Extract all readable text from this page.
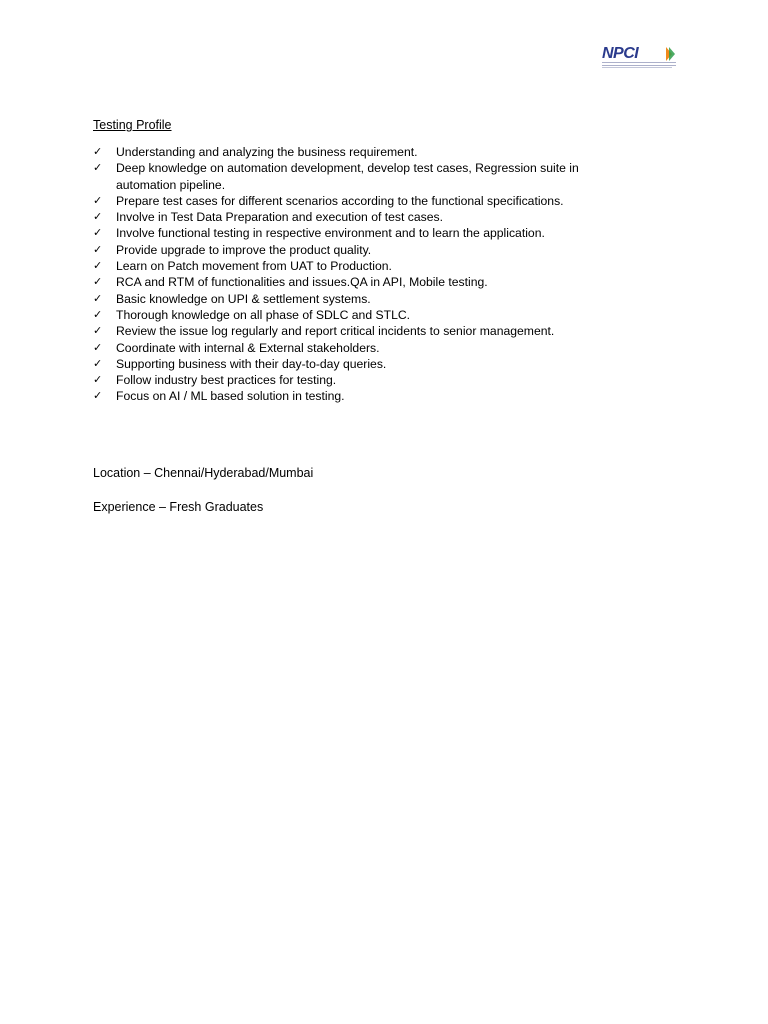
NPCI
Testing Profile
✓ Understanding and analyzing the business requirement.
✓ Deep knowledge on automation development, develop test cases, Regression suite in automation pipeline.
✓ Prepare test cases for different scenarios according to the functional specifications.
✓ Involve in Test Data Preparation and execution of test cases.
✓ Involve functional testing in respective environment and to learn the application.
✓ Provide upgrade to improve the product quality.
✓ Learn on Patch movement from UAT to Production.
✓ RCA and RTM of functionalities and issues.QA in API, Mobile testing.
✓ Basic knowledge on UPI & settlement systems.
✓ Thorough knowledge on all phase of SDLC and STLC.
✓ Review the issue log regularly and report critical incidents to senior management.
✓ Coordinate with internal & External stakeholders.
✓ Supporting business with their day-to-day queries.
✓ Follow industry best practices for testing.
✓ Focus on AI / ML based solution in testing.
Location – Chennai/Hyderabad/Mumbai
Experience – Fresh Graduates
